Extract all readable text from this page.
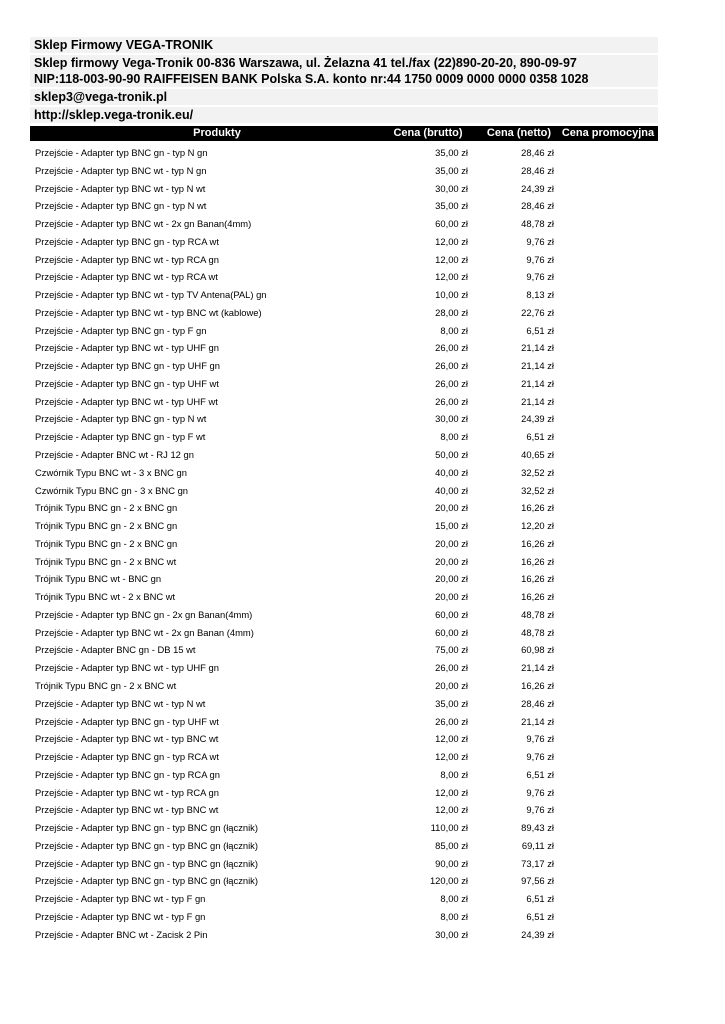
Sklep Firmowy VEGA-TRONIK
Sklep firmowy Vega-Tronik 00-836 Warszawa, ul. Żelazna 41 tel./fax (22)890-20-20, 890-09-97
NIP:118-003-90-90 RAIFFEISEN BANK Polska S.A. konto nr:44 1750 0009 0000 0000 0358 1028
sklep3@vega-tronik.pl
http://sklep.vega-tronik.eu/
Produkty	Cena (brutto)	Cena (netto) Cena promocyjna
Przejście - Adapter typ BNC gn - typ N gn	35,00 zł	28,46 zł
Przejście - Adapter typ BNC wt - typ N gn	35,00 zł	28,46 zł
Przejście - Adapter typ BNC wt - typ N wt	30,00 zł	24,39 zł
Przejście - Adapter typ BNC gn - typ N wt	35,00 zł	28,46 zł
Przejście - Adapter typ BNC wt - 2x gn Banan(4mm)	60,00 zł	48,78 zł
Przejście - Adapter typ BNC gn - typ RCA wt	12,00 zł	9,76 zł
Przejście - Adapter typ BNC wt - typ RCA gn	12,00 zł	9,76 zł
Przejście - Adapter typ BNC wt - typ RCA wt	12,00 zł	9,76 zł
Przejście - Adapter typ BNC wt - typ TV Antena(PAL) gn	10,00 zł	8,13 zł
Przejście - Adapter typ BNC wt - typ BNC wt (kablowe)	28,00 zł	22,76 zł
Przejście - Adapter typ BNC gn - typ F gn	8,00 zł	6,51 zł
Przejście - Adapter typ BNC wt - typ UHF gn	26,00 zł	21,14 zł
Przejście - Adapter typ BNC gn - typ UHF gn	26,00 zł	21,14 zł
Przejście - Adapter typ BNC gn - typ UHF wt	26,00 zł	21,14 zł
Przejście - Adapter typ BNC wt - typ UHF wt	26,00 zł	21,14 zł
Przejście - Adapter typ BNC gn - typ N wt	30,00 zł	24,39 zł
Przejście - Adapter typ BNC gn - typ F wt	8,00 zł	6,51 zł
Przejście - Adapter BNC wt - RJ 12 gn	50,00 zł	40,65 zł
Czwórnik Typu BNC wt - 3 x BNC gn	40,00 zł	32,52 zł
Czwórnik Typu BNC gn - 3 x BNC gn	40,00 zł	32,52 zł
Trójnik Typu BNC gn - 2 x BNC gn	20,00 zł	16,26 zł
Trójnik Typu BNC gn - 2 x BNC gn	15,00 zł	12,20 zł
Trójnik Typu BNC gn - 2 x BNC gn	20,00 zł	16,26 zł
Trójnik Typu BNC gn - 2 x BNC wt	20,00 zł	16,26 zł
Trójnik Typu BNC wt - BNC gn	20,00 zł	16,26 zł
Trójnik Typu BNC wt - 2 x BNC wt	20,00 zł	16,26 zł
Przejście - Adapter typ BNC gn - 2x gn Banan(4mm)	60,00 zł	48,78 zł
Przejście - Adapter typ BNC wt - 2x gn Banan (4mm)	60,00 zł	48,78 zł
Przejście - Adapter BNC gn - DB 15 wt	75,00 zł	60,98 zł
Przejście - Adapter typ BNC wt - typ UHF gn	26,00 zł	21,14 zł
Trójnik Typu BNC gn - 2 x BNC wt	20,00 zł	16,26 zł
Przejście - Adapter typ BNC wt - typ N wt	35,00 zł	28,46 zł
Przejście - Adapter typ BNC gn - typ UHF wt	26,00 zł	21,14 zł
Przejście - Adapter typ BNC wt - typ BNC wt	12,00 zł	9,76 zł
Przejście - Adapter typ BNC gn - typ RCA wt	12,00 zł	9,76 zł
Przejście - Adapter typ BNC gn - typ RCA gn	8,00 zł	6,51 zł
Przejście - Adapter typ BNC wt - typ RCA gn	12,00 zł	9,76 zł
Przejście - Adapter typ BNC wt - typ BNC wt	12,00 zł	9,76 zł
Przejście - Adapter typ BNC gn - typ BNC gn (łącznik)	110,00 zł	89,43 zł
Przejście - Adapter typ BNC gn - typ BNC gn (łącznik)	85,00 zł	69,11 zł
Przejście - Adapter typ BNC gn - typ BNC gn (łącznik)	90,00 zł	73,17 zł
Przejście - Adapter typ BNC gn - typ BNC gn (łącznik)	120,00 zł	97,56 zł
Przejście - Adapter typ BNC wt - typ F gn	8,00 zł	6,51 zł
Przejście - Adapter typ BNC wt - typ F gn	8,00 zł	6,51 zł
Przejście - Adapter BNC wt - Zacisk 2 Pin	30,00 zł	24,39 zł
